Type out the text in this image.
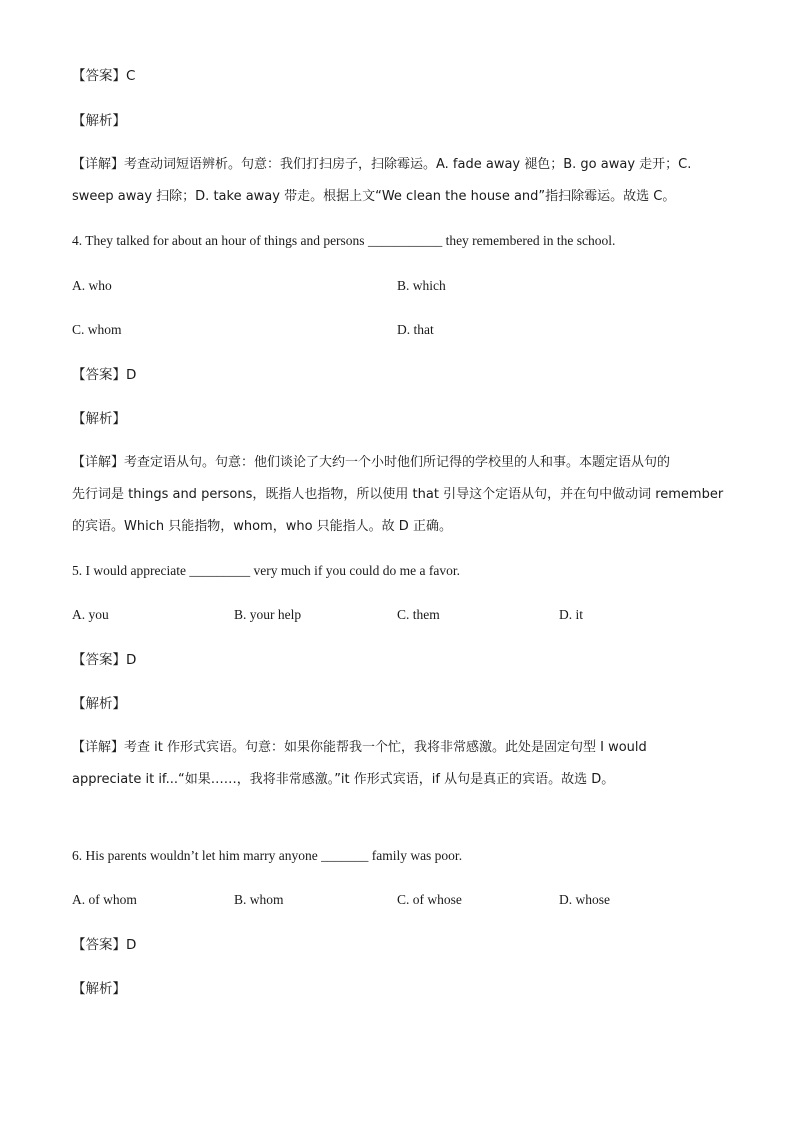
【答案】C
【解析】
【详解】考查动词短语辨析。句意：我们打扫房子，扫除霉运。A. fade away 褪色；B. go away 走开；C.
sweep away 扫除；D. take away 带走。根据上文“We clean the house and”指扫除霉运。故选 C。
4. They talked for about an hour of things and persons ___________ they remembered in the school.
A. who	B. which
C. whom	D. that
【答案】D
【解析】
【详解】考查定语从句。句意：他们谈论了大约一个小时他们所记得的学校里的人和事。本题定语从句的
先行词是 things and persons，既指人也指物，所以使用 that 引导这个定语从句，并在句中做动词 remember
的宾语。Which 只能指物，whom，who 只能指人。故 D 正确。
5. I would appreciate _________ very much if you could do me a favor.
A. you	B. your help	C. them	D. it
【答案】D
【解析】
【详解】考查 it 作形式宾语。句意：如果你能帮我一个忙，我将非常感激。此处是固定句型 I would
appreciate it if...“如果……，我将非常感激。”it 作形式宾语，if 从句是真正的宾语。故选 D。
6. His parents wouldn’t let him marry anyone _______ family was poor.
A. of whom	B. whom	C. of whose	D. whose
【答案】D
【解析】
